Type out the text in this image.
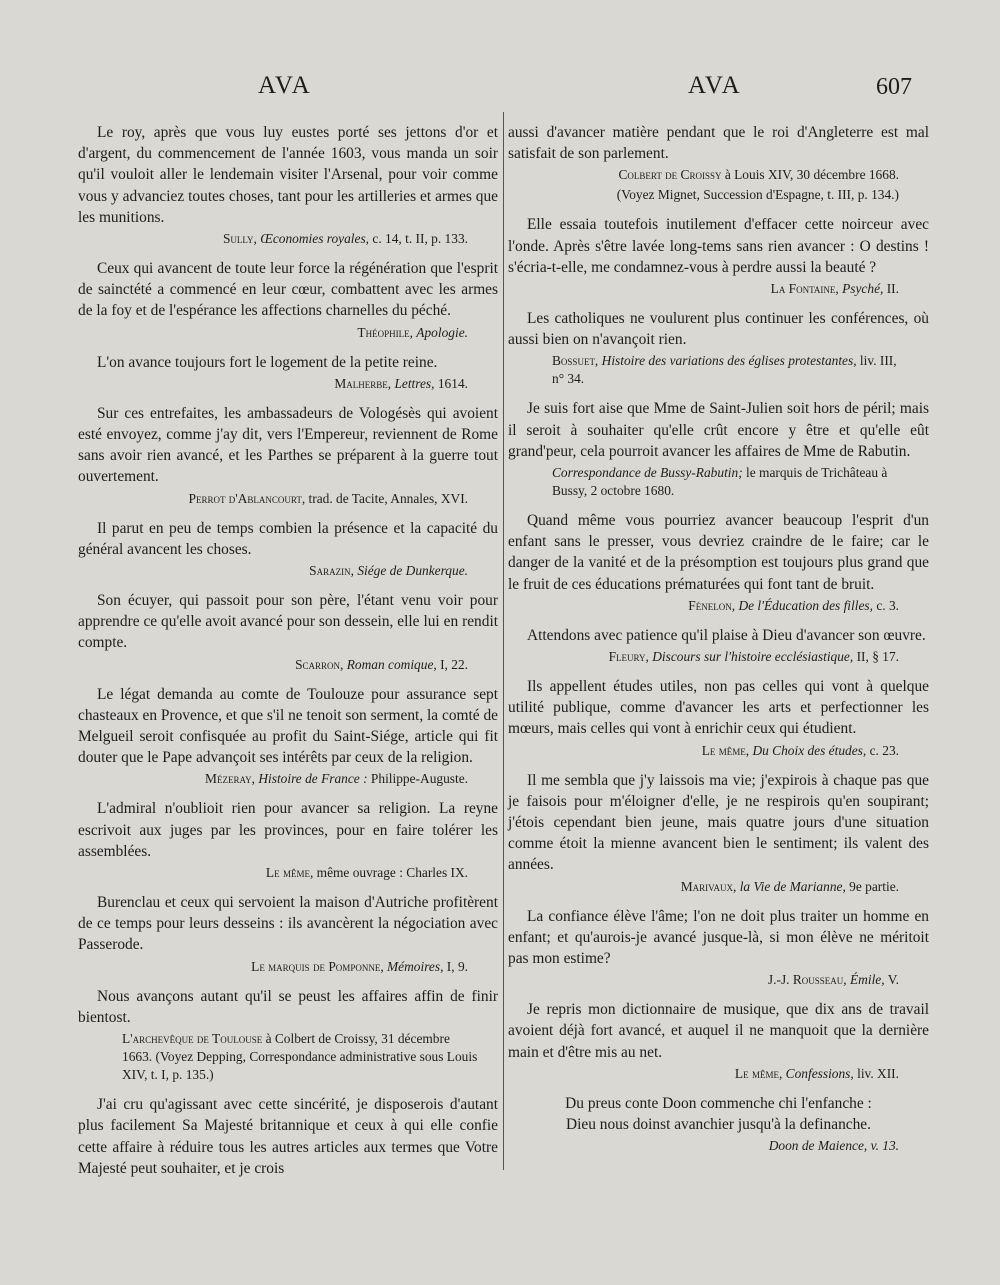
AVA	AVA	607

Le roy, après que vous luy eustes porté ses jettons d'or et d'argent, du commencement de l'année 1603, vous manda un soir qu'il vouloit aller le lendemain visiter l'Arsenal, pour voir comme vous y advanciez toutes choses, tant pour les artilleries et armes que les munitions.

Sully, Œconomies royales, c. 14, t. II, p. 133.

Ceux qui avancent de toute leur force la régénération que l'esprit de sainctété a commencé en leur cœur, combattent avec les armes de la foy et de l'espérance les affections charnelles du péché.

Théophile, Apologie.

L'on avance toujours fort le logement de la petite reine.

Malherbe, Lettres, 1614.

Sur ces entrefaites, les ambassadeurs de Vologésès qui avoient esté envoyez, comme j'ay dit, vers l'Empereur, reviennent de Rome sans avoir rien avancé, et les Parthes se préparent à la guerre tout ouvertement.

Perrot d'Ablancourt, trad. de Tacite, Annales, XVI.

Il parut en peu de temps combien la présence et la capacité du général avancent les choses.

Sarazin, Siége de Dunkerque.

Son écuyer, qui passoit pour son père, l'étant venu voir pour apprendre ce qu'elle avoit avancé pour son dessein, elle lui en rendit compte.

Scarron, Roman comique, I, 22.

Le légat demanda au comte de Toulouze pour assurance sept chasteaux en Provence, et que s'il ne tenoit son serment, la comté de Melgueil seroit confisquée au profit du Saint-Siége, article qui fit douter que le Pape advançoit ses intérêts par ceux de la religion.

Mézeray, Histoire de France : Philippe-Auguste.

L'admiral n'oublioit rien pour avancer sa religion. La reyne escrivoit aux juges par les provinces, pour en faire tolérer les assemblées.

Le même, même ouvrage : Charles IX.

Burenclau et ceux qui servoient la maison d'Autriche profitèrent de ce temps pour leurs desseins : ils avancèrent la négociation avec Passerode.

Le marquis de Pomponne, Mémoires, I, 9.

Nous avançons autant qu'il se peust les affaires affin de finir bientost.

L'archevêque de Toulouse à Colbert de Croissy, 31 décembre 1663. (Voyez Depping, Correspondance administrative sous Louis XIV, t. I, p. 135.)

J'ai cru qu'agissant avec cette sincérité, je disposerois d'autant plus facilement Sa Majesté britannique et ceux à qui elle confie cette affaire à réduire tous les autres articles aux termes que Votre Majesté peut souhaiter, et je crois

aussi d'avancer matière pendant que le roi d'Angleterre est mal satisfait de son parlement.

Colbert de Croissy à Louis XIV, 30 décembre 1668.

(Voyez Mignet, Succession d'Espagne, t. III, p. 134.)

Elle essaia toutefois inutilement d'effacer cette noirceur avec l'onde. Après s'être lavée long-tems sans rien avancer : O destins ! s'écria-t-elle, me condamnez-vous à perdre aussi la beauté ?

La Fontaine, Psyché, II.

Les catholiques ne voulurent plus continuer les conférences, où aussi bien on n'avançoit rien.

Bossuet, Histoire des variations des églises protestantes, liv. III, n° 34.

Je suis fort aise que Mme de Saint-Julien soit hors de péril; mais il seroit à souhaiter qu'elle crût encore y être et qu'elle eût grand'peur, cela pourroit avancer les affaires de Mme de Rabutin.

Correspondance de Bussy-Rabutin; le marquis de Trichâteau à Bussy, 2 octobre 1680.

Quand même vous pourriez avancer beaucoup l'esprit d'un enfant sans le presser, vous devriez craindre de le faire; car le danger de la vanité et de la présomption est toujours plus grand que le fruit de ces éducations prématurées qui font tant de bruit.

Fénelon, De l'Éducation des filles, c. 3.

Attendons avec patience qu'il plaise à Dieu d'avancer son œuvre.

Fleury, Discours sur l'histoire ecclésiastique, II, § 17.

Ils appellent études utiles, non pas celles qui vont à quelque utilité publique, comme d'avancer les arts et perfectionner les mœurs, mais celles qui vont à enrichir ceux qui étudient.

Le même, Du Choix des études, c. 23.

Il me sembla que j'y laissois ma vie; j'expirois à chaque pas que je faisois pour m'éloigner d'elle, je ne respirois qu'en soupirant; j'étois cependant bien jeune, mais quatre jours d'une situation comme étoit la mienne avancent bien le sentiment; ils valent des années.

Marivaux, la Vie de Marianne, 9e partie.

La confiance élève l'âme; l'on ne doit plus traiter un homme en enfant; et qu'aurois-je avancé jusque-là, si mon élève ne méritoit pas mon estime?

J.-J. Rousseau, Émile, V.

Je repris mon dictionnaire de musique, que dix ans de travail avoient déjà fort avancé, et auquel il ne manquoit que la dernière main et d'être mis au net.

Le même, Confessions, liv. XII.

Du preus conte Doon commenche chi l'enfanche :

Dieu nous doinst avanchier jusqu'à la definanche.

Doon de Maience, v. 13.
